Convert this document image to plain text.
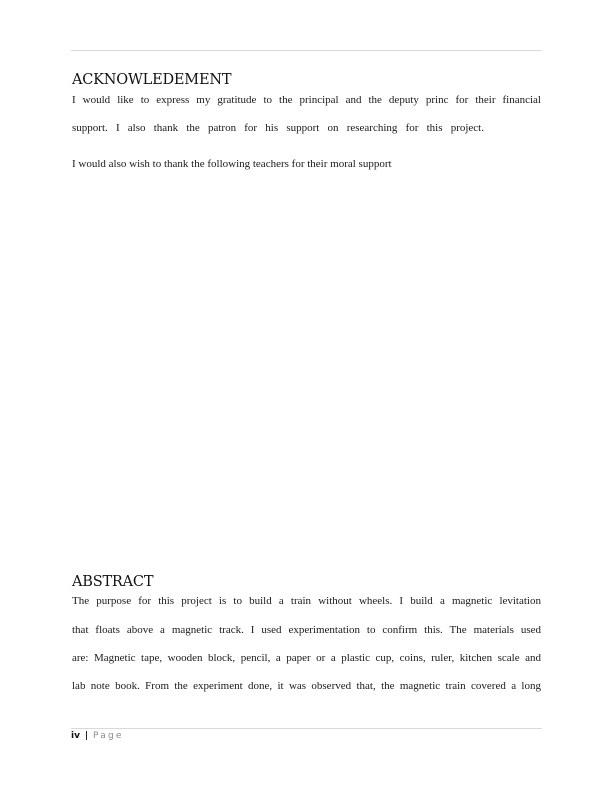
ACKNOWLEDEMENT
I would like to express my gratitude to the principal and the deputy princ for their financial
support. I also thank the patron for his support on researching for this project.
I would also wish to thank the following teachers for their moral support
ABSTRACT
The purpose for this project is to build a train without wheels. I build a magnetic levitation
that floats above a magnetic track. I used experimentation to confirm this. The materials used
are: Magnetic tape, wooden block, pencil, a paper or a plastic cup, coins, ruler, kitchen scale and
lab note book. From the experiment done, it was observed that, the magnetic train covered a long
iv | Page
